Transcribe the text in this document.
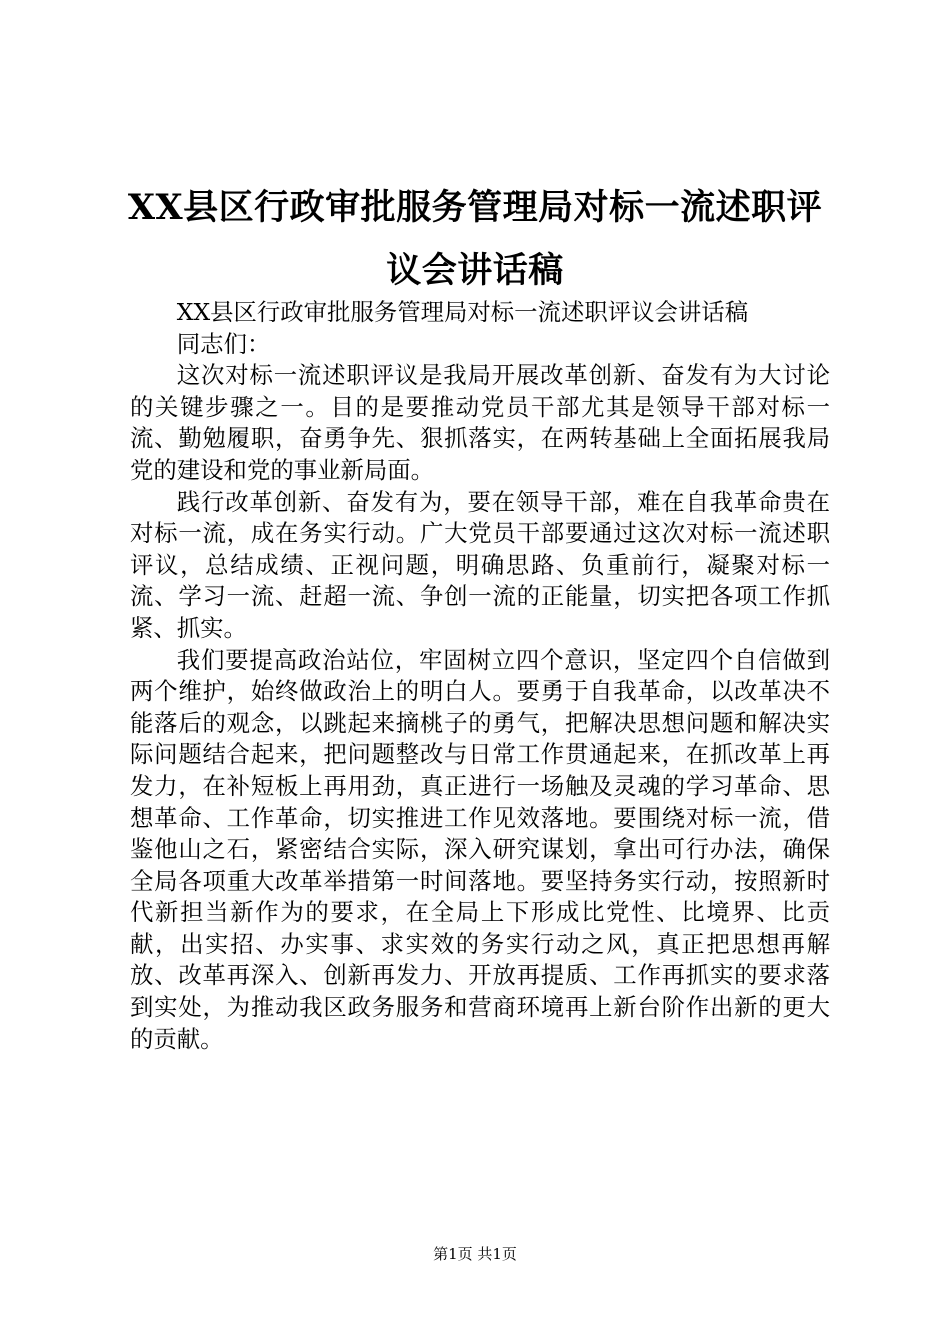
XX县区行政审批服务管理局对标一流述职评议会讲话稿

XX县区行政审批服务管理局对标一流述职评议会讲话稿

同志们：

这次对标一流述职评议是我局开展改革创新、奋发有为大讨论的关键步骤之一。目的是要推动党员干部尤其是领导干部对标一流、勤勉履职，奋勇争先、狠抓落实，在两转基础上全面拓展我局党的建设和党的事业新局面。

践行改革创新、奋发有为，要在领导干部，难在自我革命贵在对标一流，成在务实行动。广大党员干部要通过这次对标一流述职评议，总结成绩、正视问题，明确思路、负重前行，凝聚对标一流、学习一流、赶超一流、争创一流的正能量，切实把各项工作抓紧、抓实。

我们要提高政治站位，牢固树立四个意识，坚定四个自信做到两个维护，始终做政治上的明白人。要勇于自我革命，以改革决不能落后的观念，以跳起来摘桃子的勇气，把解决思想问题和解决实际问题结合起来，把问题整改与日常工作贯通起来，在抓改革上再发力，在补短板上再用劲，真正进行一场触及灵魂的学习革命、思想革命、工作革命，切实推进工作见效落地。要围绕对标一流，借鉴他山之石，紧密结合实际，深入研究谋划，拿出可行办法，确保全局各项重大改革举措第一时间落地。要坚持务实行动，按照新时代新担当新作为的要求，在全局上下形成比党性、比境界、比贡献，出实招、办实事、求实效的务实行动之风，真正把思想再解放、改革再深入、创新再发力、开放再提质、工作再抓实的要求落到实处，为推动我区政务服务和营商环境再上新台阶作出新的更大的贡献。

第1页 共1页
